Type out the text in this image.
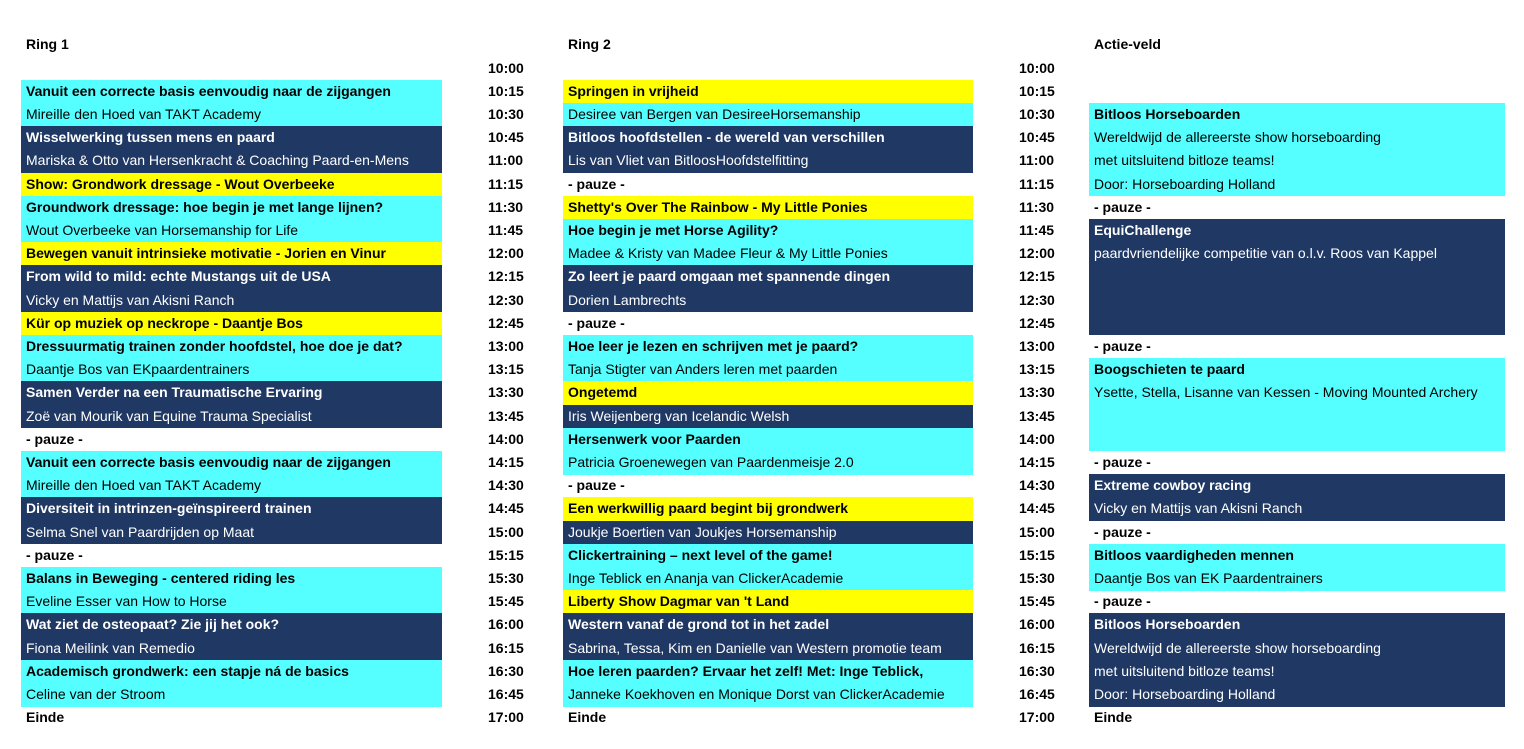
Ring 1	Ring 2	Actie-veld
10:00
10:15
10:30
10:45
11:00
11:15
11:30
11:45
12:00
12:15
12:30
12:45
13:00
13:15
13:30
13:45
14:00
14:15
14:30
14:45
15:00
15:15
15:30
15:45
16:00
16:15
16:30
16:45
17:00
10:00
10:15
10:30
10:45
11:00
11:15
11:30
11:45
12:00
12:15
12:30
12:45
13:00
13:15
13:30
13:45
14:00
14:15
14:30
14:45
15:00
15:15
15:30
15:45
16:00
16:15
16:30
16:45
17:00
Vanuit een correcte basis eenvoudig naar de zijgangen
Mireille den Hoed van TAKT Academy
Wisselwerking tussen mens en paard
Mariska & Otto van Hersenkracht & Coaching Paard-en-Mens
Show: Grondwork dressage - Wout Overbeeke
Groundwork dressage: hoe begin je met lange lijnen?
Wout Overbeeke van Horsemanship for Life
Bewegen vanuit intrinsieke motivatie - Jorien en Vinur
From wild to mild: echte Mustangs uit de USA
Vicky en Mattijs van Akisni Ranch
Kür op muziek op neckrope - Daantje Bos
Dressuurmatig trainen zonder hoofdstel, hoe doe je dat?
Daantje Bos van EKpaardentrainers
Samen Verder na een Traumatische Ervaring
Zoë van Mourik van Equine Trauma Specialist
- pauze -
Vanuit een correcte basis eenvoudig naar de zijgangen
Mireille den Hoed van TAKT Academy
Diversiteit in intrinzen-geïnspireerd trainen
Selma Snel van Paardrijden op Maat
- pauze -
Balans in Beweging - centered riding les
Eveline Esser van How to Horse
Wat ziet de osteopaat? Zie jij het ook?
Fiona Meilink van Remedio
Academisch grondwerk: een stapje ná de basics
Celine van der Stroom
Einde
Springen in vrijheid
Desiree van Bergen van DesireeHorsemanship
Bitloos hoofdstellen - de wereld van verschillen
Lis van Vliet van BitloosHoofdstelfitting
- pauze -
Shetty's Over The Rainbow - My Little Ponies
Hoe begin je met Horse Agility?
Madee & Kristy van Madee Fleur & My Little Ponies
Zo leert je paard omgaan met spannende dingen
Dorien Lambrechts
- pauze -
Hoe leer je lezen en schrijven met je paard?
Tanja Stigter van Anders leren met paarden
Ongetemd
Iris Weijenberg van Icelandic Welsh
Hersenwerk voor Paarden
Patricia Groenewegen van Paardenmeisje 2.0
- pauze -
Een werkwillig paard begint bij grondwerk
Joukje Boertien van Joukjes Horsemanship
Clickertraining – next level of the game!
Inge Teblick en Ananja van ClickerAcademie
Liberty Show Dagmar van 't Land
Western vanaf de grond tot in het zadel
Sabrina, Tessa, Kim en Danielle van Western promotie team
Hoe leren paarden? Ervaar het zelf! Met: Inge Teblick,
Janneke Koekhoven en Monique Dorst van ClickerAcademie
Einde
Bitloos Horseboarden
Wereldwijd de allereerste show horseboarding
met uitsluitend bitloze teams!
Door: Horseboarding Holland
- pauze -
EquiChallenge
paardvriendelijke competitie van o.l.v. Roos van Kappel
- pauze -
Boogschieten te paard
Ysette, Stella, Lisanne van Kessen - Moving Mounted Archery
- pauze -
Extreme cowboy racing
Vicky en Mattijs van Akisni Ranch
- pauze -
Bitloos vaardigheden mennen
Daantje Bos van EK Paardentrainers
- pauze -
Bitloos Horseboarden
Wereldwijd de allereerste show horseboarding
met uitsluitend bitloze teams!
Door: Horseboarding Holland
Einde
